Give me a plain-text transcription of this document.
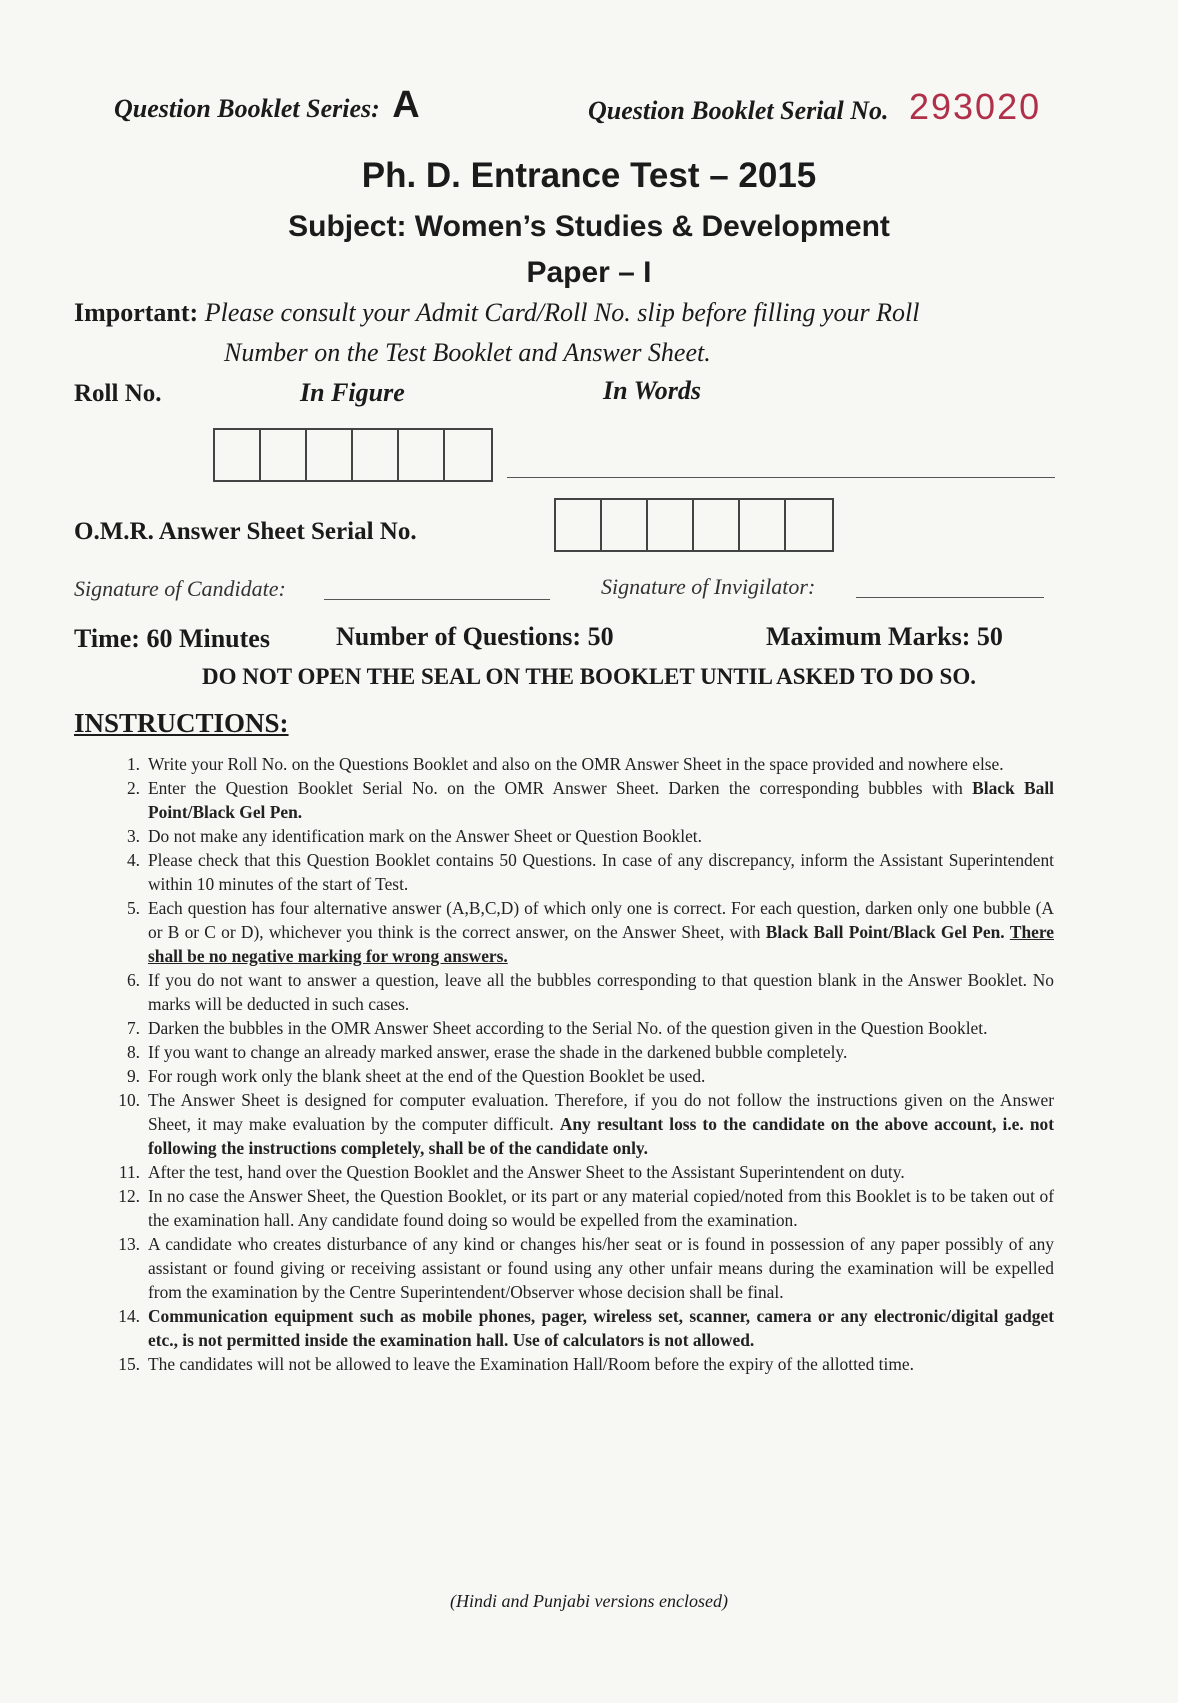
Question Booklet Series: A	Question Booklet Serial No. 293020
Ph. D. Entrance Test – 2015
Subject: Women’s Studies & Development
Paper – I
Important: Please consult your Admit Card/Roll No. slip before filling your Roll
Number on the Test Booklet and Answer Sheet.
Roll No.	In Figure	In Words
O.M.R. Answer Sheet Serial No.
Signature of Candidate:	Signature of Invigilator:
Time: 60 Minutes	Number of Questions: 50	Maximum Marks: 50
DO NOT OPEN THE SEAL ON THE BOOKLET UNTIL ASKED TO DO SO.
INSTRUCTIONS:
1. Write your Roll No. on the Questions Booklet and also on the OMR Answer Sheet in the space provided and nowhere else.
2. Enter the Question Booklet Serial No. on the OMR Answer Sheet. Darken the corresponding bubbles with Black Ball Point/Black Gel Pen.
3. Do not make any identification mark on the Answer Sheet or Question Booklet.
4. Please check that this Question Booklet contains 50 Questions. In case of any discrepancy, inform the Assistant Superintendent within 10 minutes of the start of Test.
5. Each question has four alternative answer (A,B,C,D) of which only one is correct. For each question, darken only one bubble (A or B or C or D), whichever you think is the correct answer, on the Answer Sheet, with Black Ball Point/Black Gel Pen. There shall be no negative marking for wrong answers.
6. If you do not want to answer a question, leave all the bubbles corresponding to that question blank in the Answer Booklet. No marks will be deducted in such cases.
7. Darken the bubbles in the OMR Answer Sheet according to the Serial No. of the question given in the Question Booklet.
8. If you want to change an already marked answer, erase the shade in the darkened bubble completely.
9. For rough work only the blank sheet at the end of the Question Booklet be used.
10. The Answer Sheet is designed for computer evaluation. Therefore, if you do not follow the instructions given on the Answer Sheet, it may make evaluation by the computer difficult. Any resultant loss to the candidate on the above account, i.e. not following the instructions completely, shall be of the candidate only.
11. After the test, hand over the Question Booklet and the Answer Sheet to the Assistant Superintendent on duty.
12. In no case the Answer Sheet, the Question Booklet, or its part or any material copied/noted from this Booklet is to be taken out of the examination hall. Any candidate found doing so would be expelled from the examination.
13. A candidate who creates disturbance of any kind or changes his/her seat or is found in possession of any paper possibly of any assistant or found giving or receiving assistant or found using any other unfair means during the examination will be expelled from the examination by the Centre Superintendent/Observer whose decision shall be final.
14. Communication equipment such as mobile phones, pager, wireless set, scanner, camera or any electronic/digital gadget etc., is not permitted inside the examination hall. Use of calculators is not allowed.
15. The candidates will not be allowed to leave the Examination Hall/Room before the expiry of the allotted time.
(Hindi and Punjabi versions enclosed)
